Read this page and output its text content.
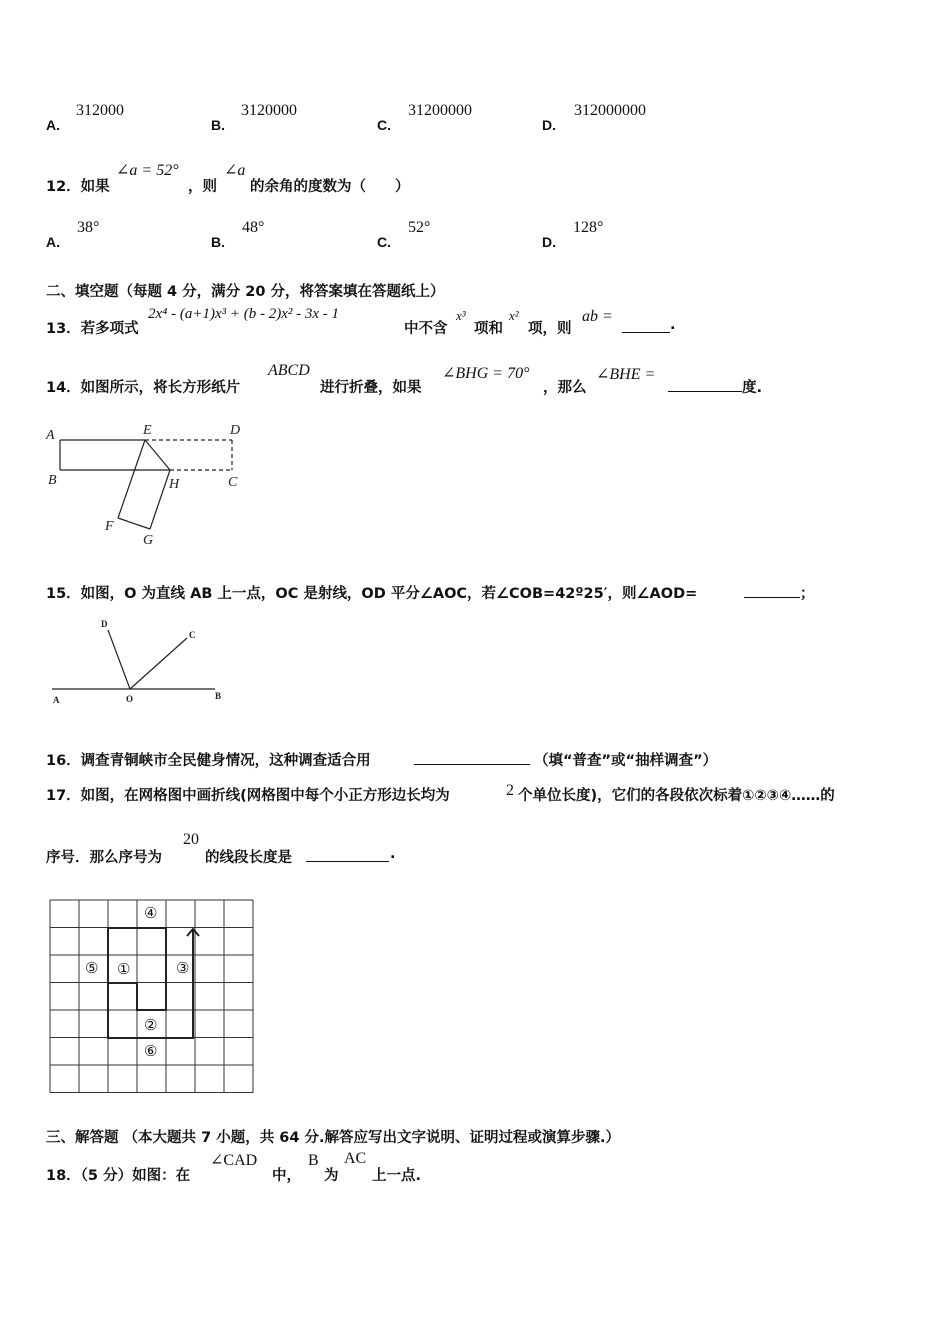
A.
312000
B.
3120000
C.
31200000
D.
312000000
12．如果
∠a = 52°
，则
∠a
的余角的度数为（　　）
A.
38°
B.
48°
C.
52°
D.
128°
二、填空题（每题 4 分，满分 20 分，将答案填在答题纸上）
13．若多项式
2x⁴ - (a+1)x³ + (b - 2)x² - 3x - 1
中不含
x³
项和
x²
项，则
ab =	.
14．如图所示，将长方形纸片
ABCD
进行折叠，如果
∠BHG = 70°
，那么
∠BHE =
度.
A	E	D
B	H	C
F
G
15．如图，O 为直线 AB 上一点，OC 是射线，OD 平分∠AOC，若∠COB=42º25′，则∠AOD=	；
D
C
A	O	B
16．调查青铜峡市全民健身情况，这种调查适合用	（填“普查”或“抽样调查”）
17．如图，在网格图中画折线(网格图中每个小正方形边长均为	2 个单位长度)，它们的各段依次标着①②③④……的
序号．那么序号为
20
的线段长度是	.
④
⑤ ①	③
②
⑥
三、解答题 （本大题共 7 小题，共 64 分.解答应写出文字说明、证明过程或演算步骤.）
18．（5 分）如图：在
∠CAD
中，
B
为
AC
上一点.
